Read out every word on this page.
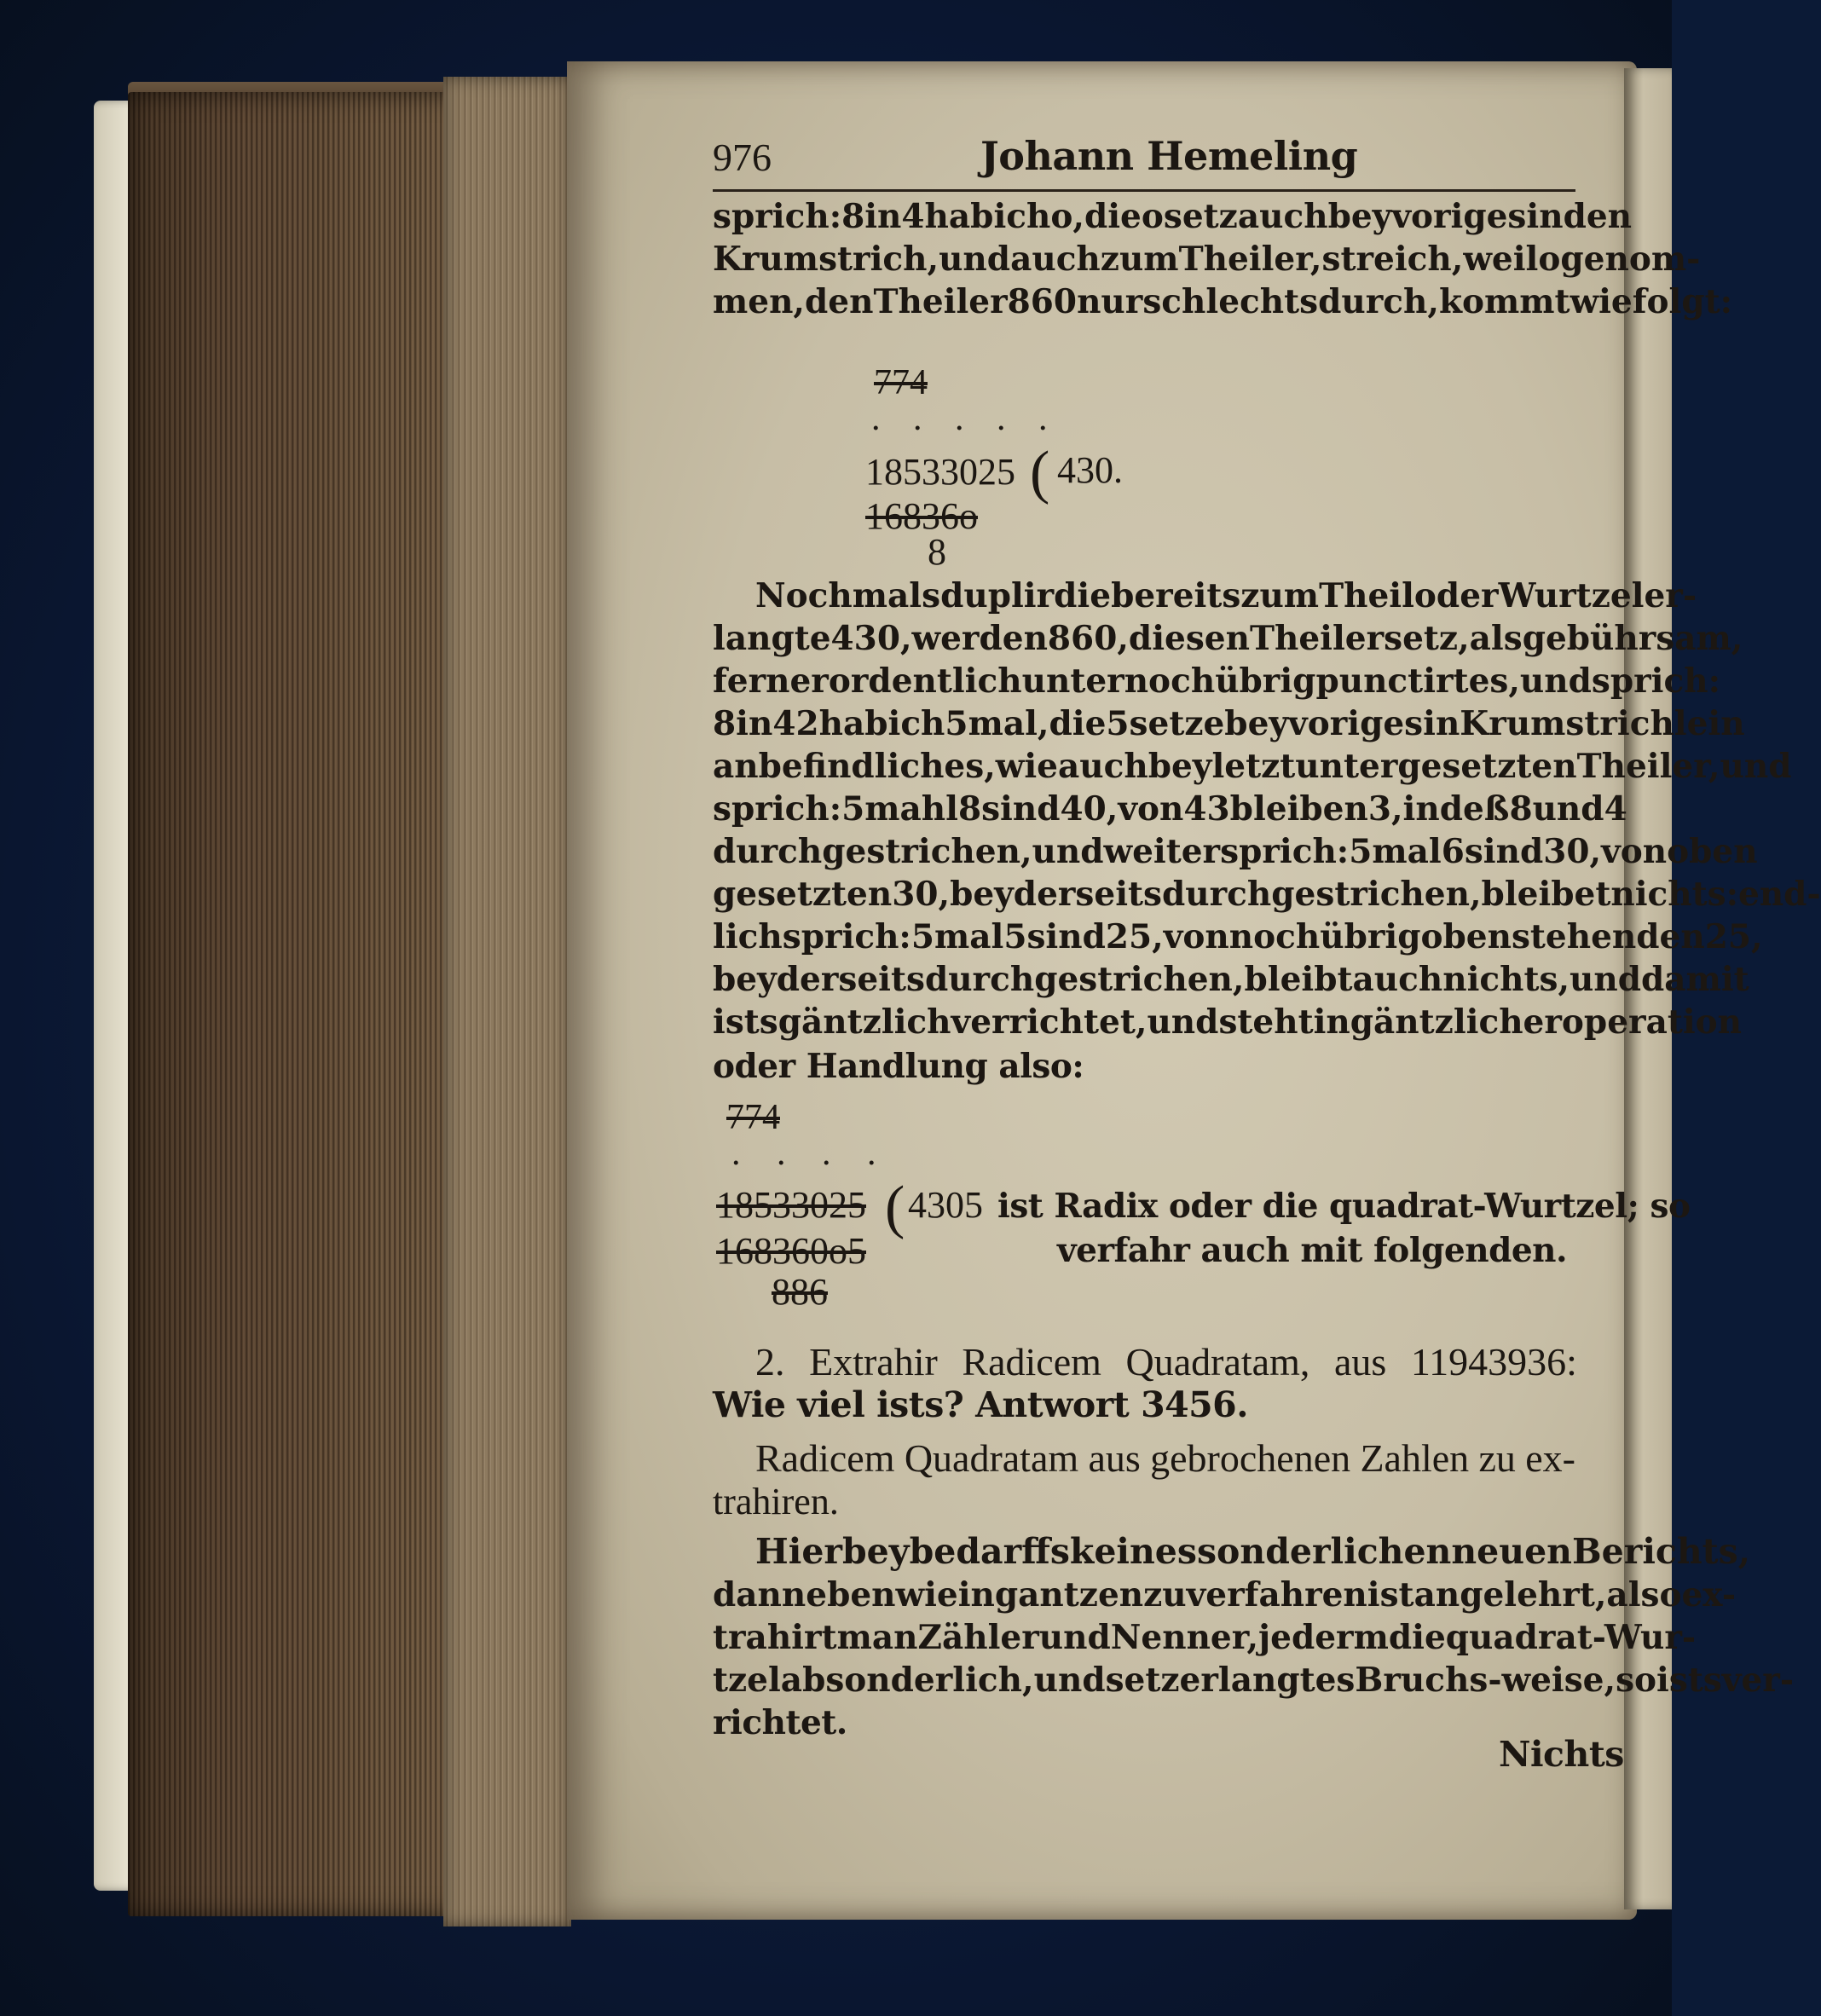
976	Johann Hemeling
sprich: 8 in 4 hab ich o, die o setz auch bey voriges in den
Krumstrich, und auch zum Theiler, streich, weil o genom-
men, den Theiler 860 nur schlechts durch, kommt wie folgt:
774
. . . . .
18533025 ( 430.
16836o
8
Nochmals duplir die bereits zum Theil oder Wurtzel er-
langte 430, werden 860, diesen Theiler setz, als gebührsam,
ferner ordentlich unter noch übrig punctirtes, und sprich:
8 in 42 hab ich 5 mal, die 5 setze bey voriges in Krumstrichlein
anbefindliches, wie auch bey letzt untergesetzten Theiler, und
sprich: 5 mahl 8 sind 40, von 43 bleiben 3, indeß 8 und 4
durchgestrichen, und weiter sprich: 5 mal 6 sind 30, von oben
gesetzten 30, beyderseits durchgestrichen, bleibet nichts: end-
lich sprich: 5 mal 5 sind 25, von noch übrig obenstehenden 25,
beyderseits durchgestrichen, bleibt auch nichts, und damit
ists gäntzlich verrichtet, und steht in gäntzlicher operation
oder Handlung also:
774
. . . .
18533025 ( 4305 ist Radix oder die quadrat-Wurtzel; so
168360o5	verfahr auch mit folgenden.
886
2. Extrahir Radicem Quadratam, aus 11943936:
Wie viel ists? Antwort 3456.
Radicem Quadratam aus gebrochenen Zahlen zu ex-
trahiren.
Hierbey bedarffs keines sonderlichen neuen Berichts,
dann eben wie in gantzen zu verfahren ist angelehrt, also ex-
trahirt man Zähler und Nenner, jederm die quadrat-Wur-
tzel absonderlich, und setz erlangtes Bruchs-weise, so ists ver-
richtet.
Nichts
